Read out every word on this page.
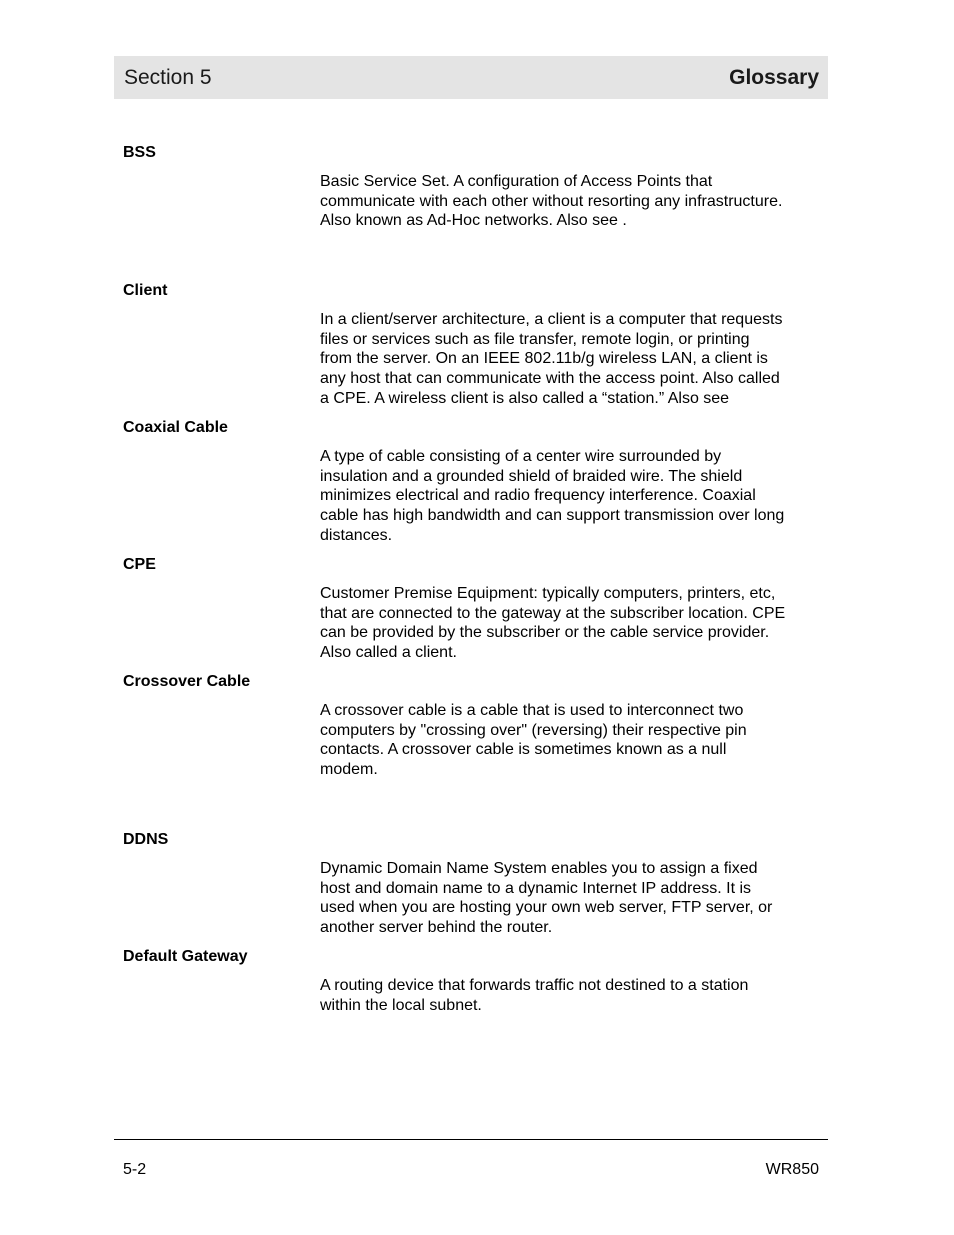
Section 5	Glossary
BSS
Basic Service Set. A configuration of Access Points that
communicate with each other without resorting any infrastructure.
Also known as Ad-Hoc networks. Also see .
Client
In a client/server architecture, a client is a computer that requests
files or services such as file transfer, remote login, or printing
from the server. On an IEEE 802.11b/g wireless LAN, a client is
any host that can communicate with the access point. Also called
a CPE. A wireless client is also called a “station.” Also see
Coaxial Cable
A type of cable consisting of a center wire surrounded by
insulation and a grounded shield of braided wire. The shield
minimizes electrical and radio frequency interference. Coaxial
cable has high bandwidth and can support transmission over long
distances.
CPE
Customer Premise Equipment: typically computers, printers, etc,
that are connected to the gateway at the subscriber location. CPE
can be provided by the subscriber or the cable service provider.
Also called a client.
Crossover Cable
A crossover cable is a cable that is used to interconnect two
computers by "crossing over" (reversing) their respective pin
contacts. A crossover cable is sometimes known as a null
modem.
DDNS
Dynamic Domain Name System enables you to assign a fixed
host and domain name to a dynamic Internet IP address. It is
used when you are hosting your own web server, FTP server, or
another server behind the router.
Default Gateway
A routing device that forwards traffic not destined to a station
within the local subnet.
5-2	WR850
